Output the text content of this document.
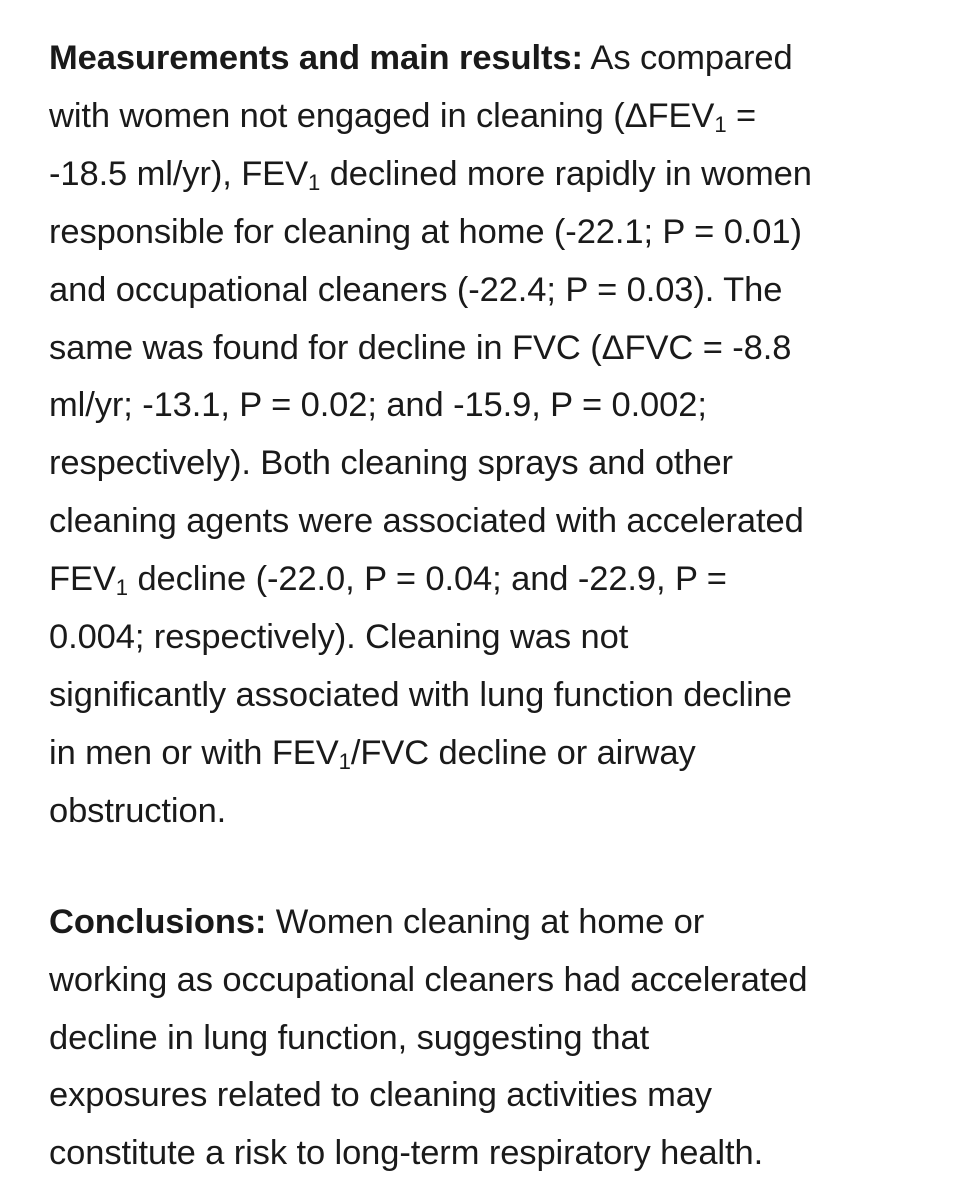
Measurements and main results: As compared
with women not engaged in cleaning ($\Delta FEV_1$ =
-18.5 ml/yr), $FEV_1$ declined more rapidly in women
responsible for cleaning at home (-22.1; P = 0.01)
and occupational cleaners (-22.4; P = 0.03). The
same was found for decline in FVC (ΔFVC = -8.8
ml/yr; -13.1, P = 0.02; and -15.9, P = 0.002;
respectively). Both cleaning sprays and other
cleaning agents were associated with accelerated
$FEV_1$ decline (-22.0, P = 0.04; and -22.9, P =
0.004; respectively). Cleaning was not
significantly associated with lung function decline
in men or with $FEV_1$/FVC decline or airway
obstruction.

Conclusions: Women cleaning at home or
working as occupational cleaners had accelerated
decline in lung function, suggesting that
exposures related to cleaning activities may
constitute a risk to long-term respiratory health.
